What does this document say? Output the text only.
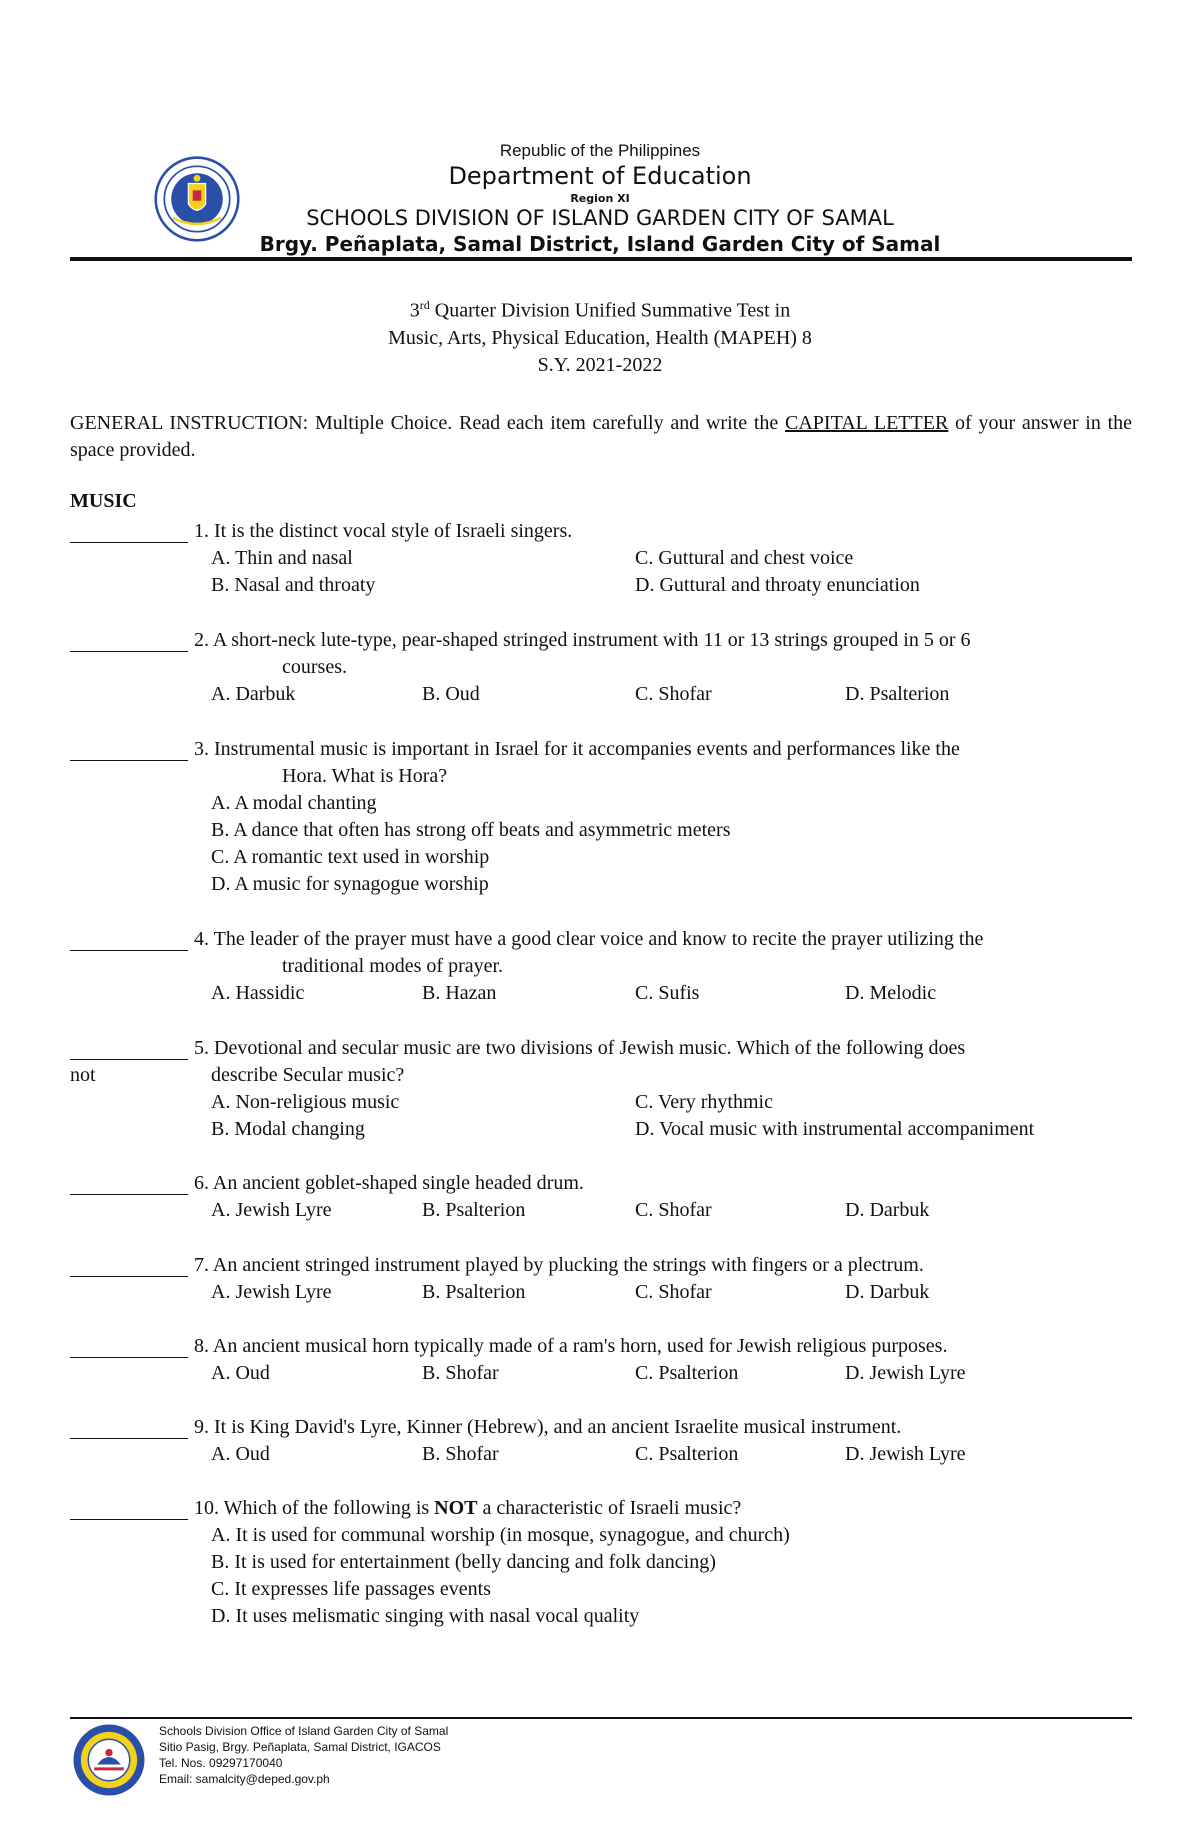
Republic of the Philippines
Department of Education
Region XI
SCHOOLS DIVISION OF ISLAND GARDEN CITY OF SAMAL
Brgy. Peñaplata, Samal District, Island Garden City of Samal
3rd Quarter Division Unified Summative Test in
Music, Arts, Physical Education, Health (MAPEH) 8
S.Y. 2021-2022
GENERAL INSTRUCTION: Multiple Choice. Read each item carefully and write the CAPITAL LETTER of your answer in the space provided.
MUSIC
1. It is the distinct vocal style of Israeli singers.
A. Thin and nasal	C. Guttural and chest voice
B. Nasal and throaty	D. Guttural and throaty enunciation
2. A short-neck lute-type, pear-shaped stringed instrument with 11 or 13 strings grouped in 5 or 6
courses.
A. Darbuk	B. Oud	C. Shofar	D. Psalterion
3. Instrumental music is important in Israel for it accompanies events and performances like the
Hora. What is Hora?
A. A modal chanting
B. A dance that often has strong off beats and asymmetric meters
C. A romantic text used in worship
D. A music for synagogue worship
4. The leader of the prayer must have a good clear voice and know to recite the prayer utilizing the
traditional modes of prayer.
A. Hassidic	B. Hazan	C. Sufis	D. Melodic
5. Devotional and secular music are two divisions of Jewish music. Which of the following does
not	describe Secular music?
A. Non-religious music	C. Very rhythmic
B. Modal changing	D. Vocal music with instrumental accompaniment
6. An ancient goblet-shaped single headed drum.
A. Jewish Lyre	B. Psalterion	C. Shofar	D. Darbuk
7. An ancient stringed instrument played by plucking the strings with fingers or a plectrum.
A. Jewish Lyre	B. Psalterion	C. Shofar	D. Darbuk
8. An ancient musical horn typically made of a ram's horn, used for Jewish religious purposes.
A. Oud	B. Shofar	C. Psalterion	D. Jewish Lyre
9. It is King David's Lyre, Kinner (Hebrew), and an ancient Israelite musical instrument.
A. Oud	B. Shofar	C. Psalterion	D. Jewish Lyre
10. Which of the following is NOT a characteristic of Israeli music?
A. It is used for communal worship (in mosque, synagogue, and church)
B. It is used for entertainment (belly dancing and folk dancing)
C. It expresses life passages events
D. It uses melismatic singing with nasal vocal quality
Schools Division Office of Island Garden City of Samal
Sitio Pasig, Brgy. Peñaplata, Samal District, IGACOS
Tel. Nos. 09297170040
Email: samalcity@deped.gov.ph
